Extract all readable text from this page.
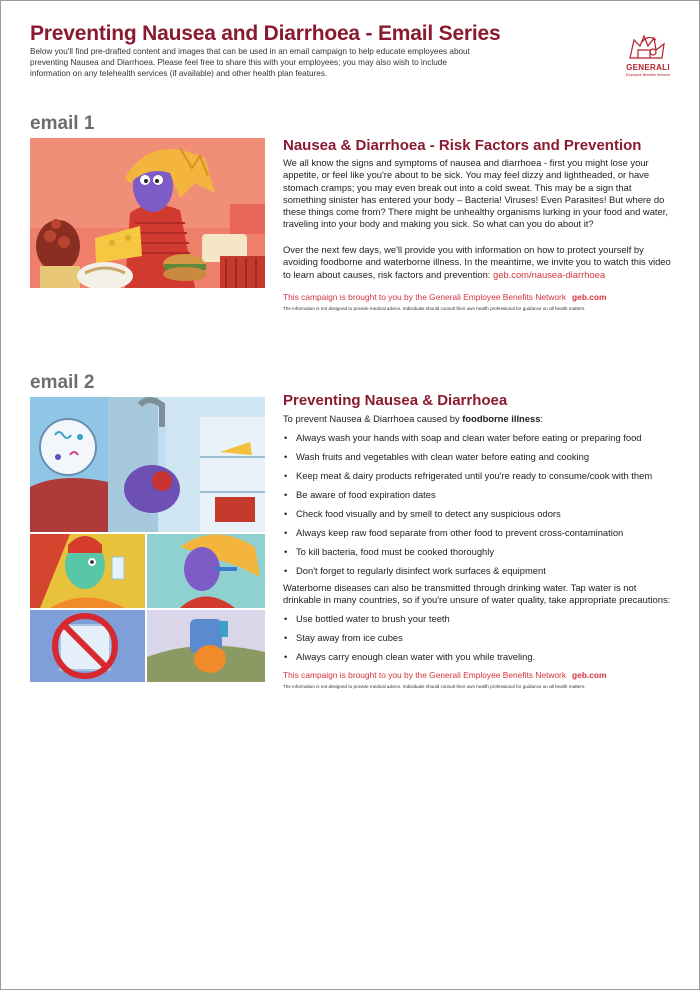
Preventing Nausea and Diarrhoea - Email Series
Below you'll find pre-drafted content and images that can be used in an email campaign to help educate employees about preventing Nausea and Diarrhoea. Please feel free to share this with your employees; you may also wish to include information on any telehealth services (if available) and other health plan features.
GENERALI
Employee Benefits Network
email 1
Nausea & Diarrhoea - Risk Factors and Prevention
We all know the signs and symptoms of nausea and diarrhoea - first you might lose your appetite, or feel like you're about to be sick. You may feel dizzy and lightheaded, or have stomach cramps; you may even break out into a cold sweat. This may be a sign that something sinister has entered your body – Bacteria! Viruses! Even Parasites! But where do these things come from? There might be unhealthy organisms lurking in your food and water, traveling into your body and making you sick. So what can you do about it?
Over the next few days, we'll provide you with information on how to protect yourself by avoiding foodborne and waterborne illness. In the meantime, we invite you to watch this video to learn about causes, risk factors and prevention: geb.com/nausea-diarrhoea
This campaign is brought to you by the Generali Employee Benefits Network geb.com
The information is not designed to provide medical advice. Individuals should consult their own health professional for guidance on all health matters.
email 2
Preventing Nausea & Diarrhoea
To prevent Nausea & Diarrhoea caused by foodborne illness:
• Always wash your hands with soap and clean water before eating or preparing food
• Wash fruits and vegetables with clean water before eating and cooking
• Keep meat & dairy products refrigerated until you're ready to consume/cook with them
• Be aware of food expiration dates
• Check food visually and by smell to detect any suspicious odors
• Always keep raw food separate from other food to prevent cross-contamination
• To kill bacteria, food must be cooked thoroughly
• Don't forget to regularly disinfect work surfaces & equipment
Waterborne diseases can also be transmitted through drinking water. Tap water is not drinkable in many countries, so if you're unsure of water quality, take appropriate precautions:
• Use bottled water to brush your teeth
• Stay away from ice cubes
• Always carry enough clean water with you while traveling.
This campaign is brought to you by the Generali Employee Benefits Network geb.com
The information is not designed to provide medical advice. Individuals should consult their own health professional for guidance on all health matters.
